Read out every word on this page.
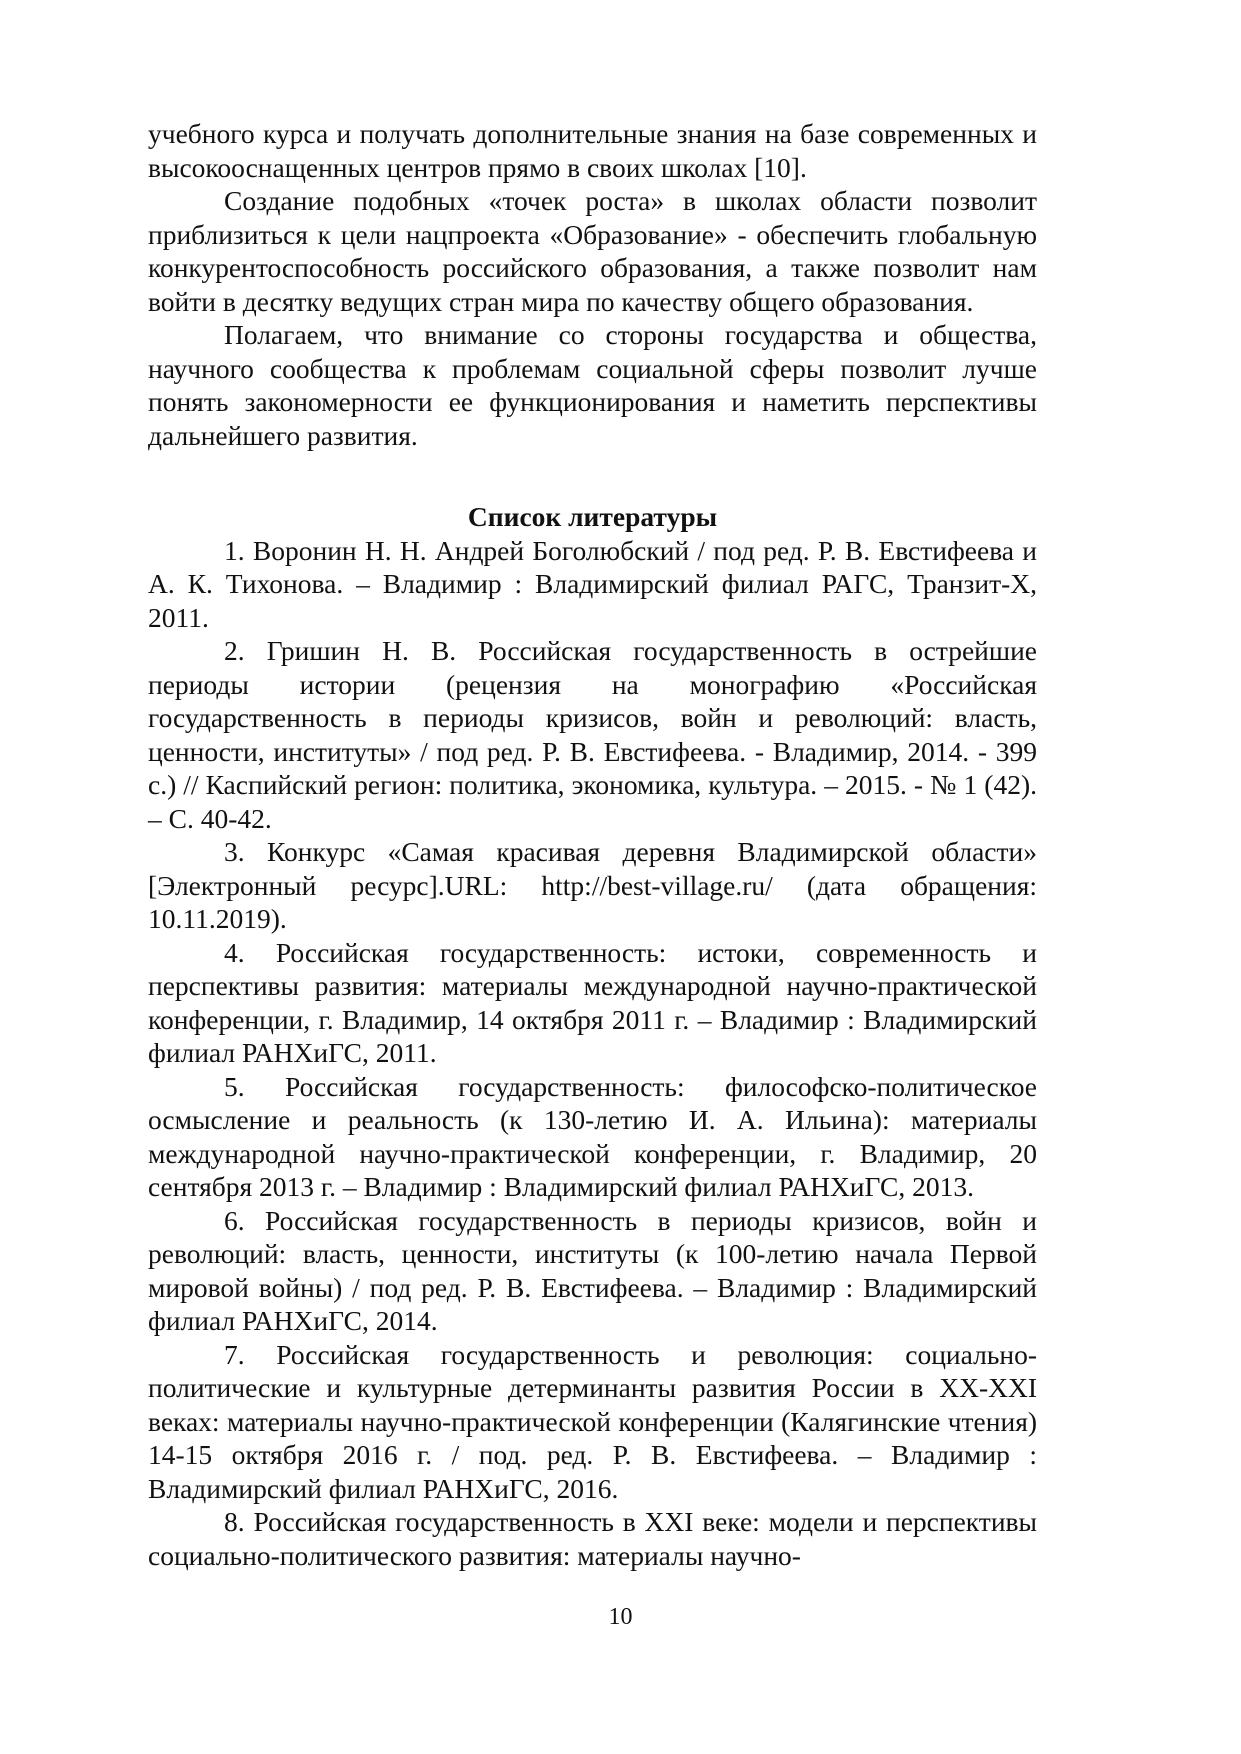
учебного курса и получать дополнительные знания на базе современных и высокооснащенных центров прямо в своих школах [10].

Создание подобных «точек роста» в школах области позволит приблизиться к цели нацпроекта «Образование» - обеспечить глобальную конкурентоспособность российского образования, а также позволит нам войти в десятку ведущих стран мира по качеству общего образования.

Полагаем, что внимание со стороны государства и общества, научного сообщества к проблемам социальной сферы позволит лучше понять закономерности ее функционирования и наметить перспективы дальнейшего развития.

Список литературы

1. Воронин Н. Н. Андрей Боголюбский / под ред. Р. В. Евстифеева и А. К. Тихонова. – Владимир : Владимирский филиал РАГС, Транзит-Х, 2011.

2. Гришин Н. В. Российская государственность в острейшие периоды истории (рецензия на монографию «Российская государственность в периоды кризисов, войн и революций: власть, ценности, институты» / под ред. Р. В. Евстифеева. - Владимир, 2014. - 399 с.) // Каспийский регион: политика, экономика, культура. – 2015. - № 1 (42). – С. 40-42.

3. Конкурс «Самая красивая деревня Владимирской области» [Электронный ресурс].URL: http://best-village.ru/ (дата обращения: 10.11.2019).

4. Российская государственность: истоки, современность и перспективы развития: материалы международной научно-практической конференции, г. Владимир, 14 октября 2011 г. – Владимир : Владимирский филиал РАНХиГС, 2011.

5. Российская государственность: философско-политическое осмысление и реальность (к 130-летию И. А. Ильина): материалы международной научно-практической конференции, г. Владимир, 20 сентября 2013 г. – Владимир : Владимирский филиал РАНХиГС, 2013.

6. Российская государственность в периоды кризисов, войн и революций: власть, ценности, институты (к 100-летию начала Первой мировой войны) / под ред. Р. В. Евстифеева. – Владимир : Владимирский филиал РАНХиГС, 2014.

7. Российская государственность и революция: социально-политические и культурные детерминанты развития России в XX-XXI веках: материалы научно-практической конференции (Калягинские чтения) 14-15 октября 2016 г. / под. ред. Р. В. Евстифеева. – Владимир : Владимирский филиал РАНХиГС, 2016.

8. Российская государственность в XXI веке: модели и перспективы социально-политического развития: материалы научно-

10
